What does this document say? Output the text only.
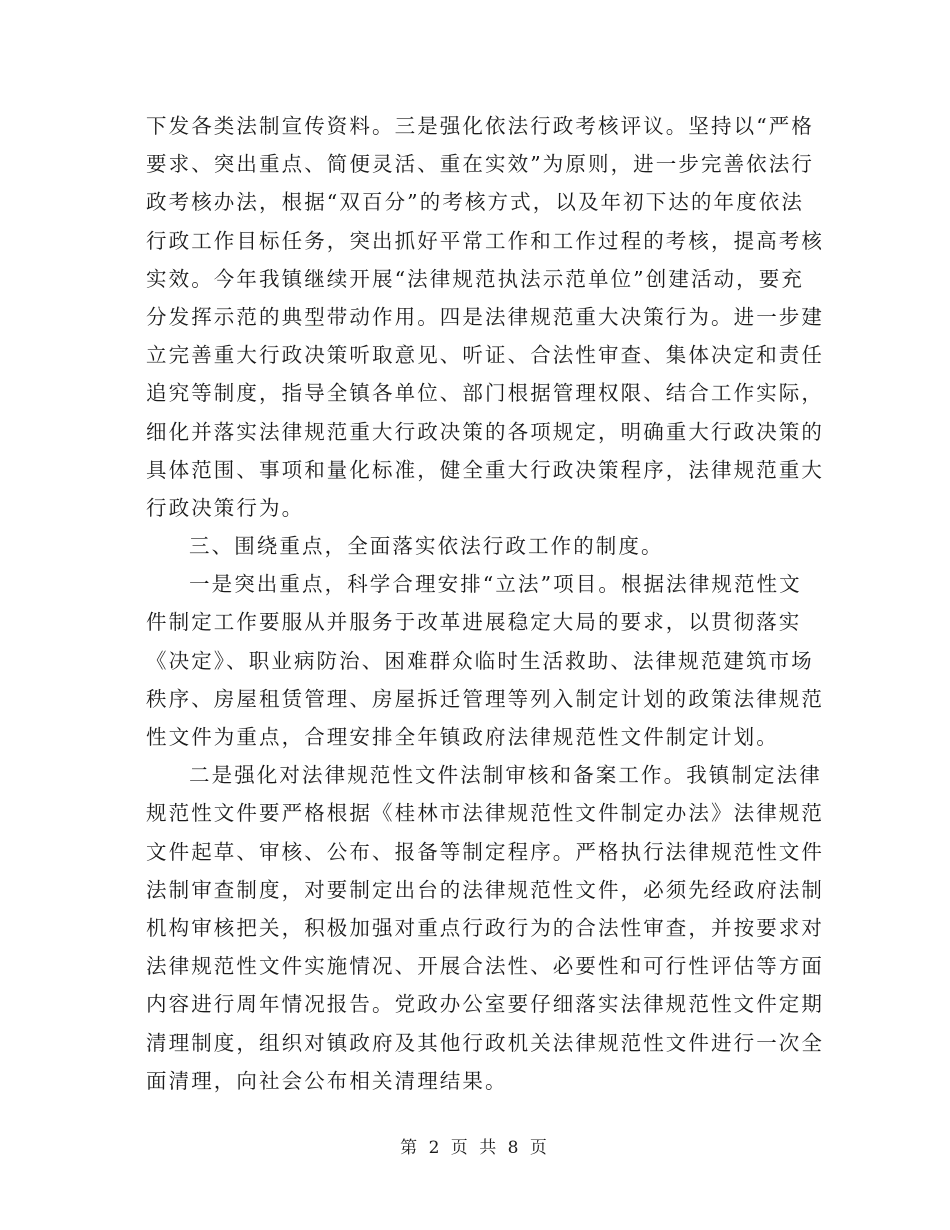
下发各类法制宣传资料。三是强化依法行政考核评议。坚持以“严格
要求、突出重点、简便灵活、重在实效”为原则，进一步完善依法行
政考核办法，根据“双百分”的考核方式，以及年初下达的年度依法
行政工作目标任务，突出抓好平常工作和工作过程的考核，提高考核
实效。今年我镇继续开展“法律规范执法示范单位”创建活动，要充
分发挥示范的典型带动作用。四是法律规范重大决策行为。进一步建
立完善重大行政决策听取意见、听证、合法性审查、集体决定和责任
追究等制度，指导全镇各单位、部门根据管理权限、结合工作实际，
细化并落实法律规范重大行政决策的各项规定，明确重大行政决策的
具体范围、事项和量化标准，健全重大行政决策程序，法律规范重大
行政决策行为。
三、围绕重点，全面落实依法行政工作的制度。
一是突出重点，科学合理安排“立法”项目。根据法律规范性文
件制定工作要服从并服务于改革进展稳定大局的要求，以贯彻落实
《决定》、职业病防治、困难群众临时生活救助、法律规范建筑市场
秩序、房屋租赁管理、房屋拆迁管理等列入制定计划的政策法律规范
性文件为重点，合理安排全年镇政府法律规范性文件制定计划。
二是强化对法律规范性文件法制审核和备案工作。我镇制定法律
规范性文件要严格根据《桂林市法律规范性文件制定办法》法律规范
文件起草、审核、公布、报备等制定程序。严格执行法律规范性文件
法制审查制度，对要制定出台的法律规范性文件，必须先经政府法制
机构审核把关，积极加强对重点行政行为的合法性审查，并按要求对
法律规范性文件实施情况、开展合法性、必要性和可行性评估等方面
内容进行周年情况报告。党政办公室要仔细落实法律规范性文件定期
清理制度，组织对镇政府及其他行政机关法律规范性文件进行一次全
面清理，向社会公布相关清理结果。
第 2 页 共 8 页
